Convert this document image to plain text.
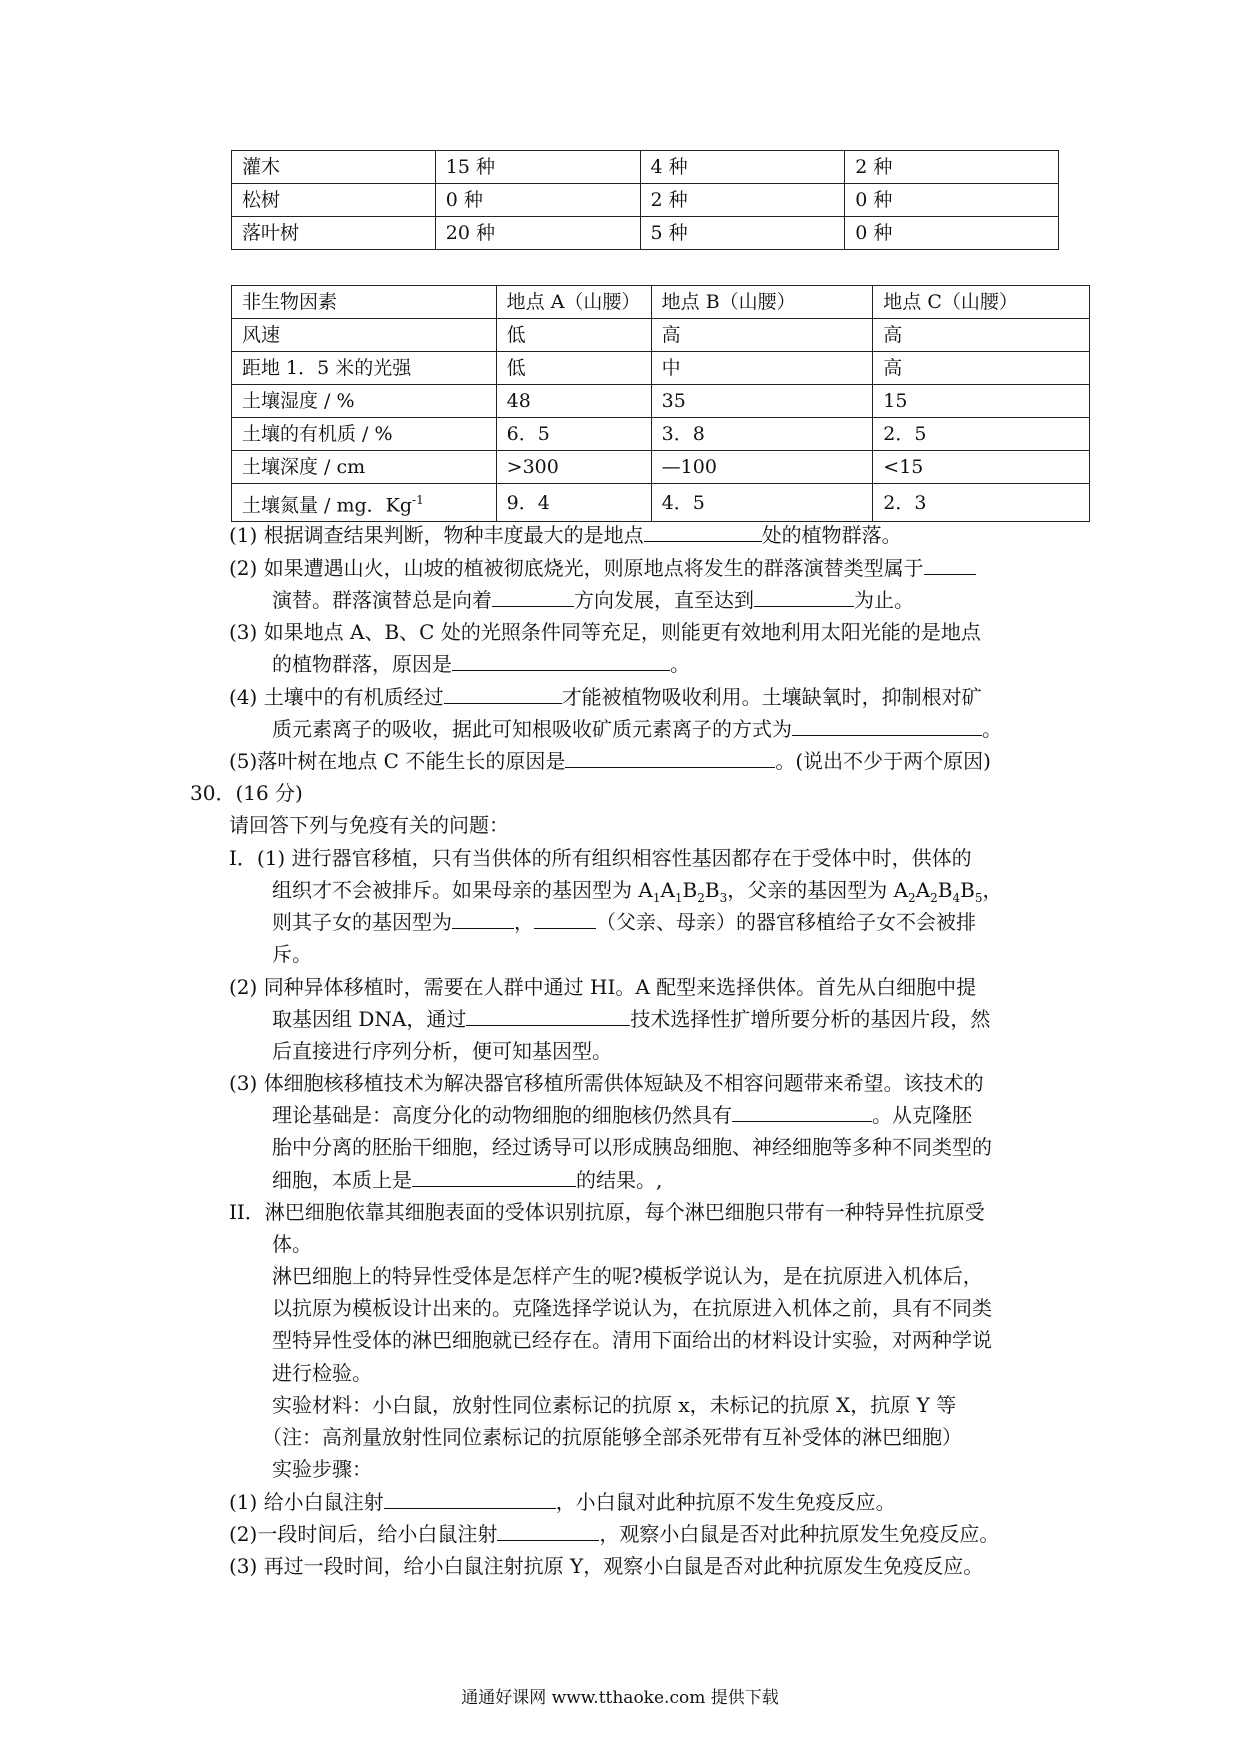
灌木	15 种	4 种	2 种
松树	0 种	2 种	0 种
落叶树	20 种	5 种	0 种
非生物因素	地点 A（山腰）	地点 B（山腰）	地点 C（山腰）
风速	低	高	高
距地 1．5 米的光强	低	中	高
土壤湿度 / %	48	35	15
土壤的有机质 / %	6．5	3．8	2．5
土壤深度 / cm	>300	—100	<15
土壤氮量 / mg．$Kg^{-1}$	9．4	4．5	2．3
(1) 根据调查结果判断，物种丰度最大的是地点	处的植物群落。
(2) 如果遭遇山火，山坡的植被彻底烧光，则原地点将发生的群落演替类型属于
演替。群落演替总是向着	方向发展，直至达到	为止。
(3) 如果地点 A、B、C 处的光照条件同等充足，则能更有效地利用太阳光能的是地点
的植物群落，原因是	。
(4) 土壤中的有机质经过	才能被植物吸收利用。土壤缺氧时，抑制根对矿
质元素离子的吸收，据此可知根吸收矿质元素离子的方式为	。
(5)落叶树在地点 C 不能生长的原因是	。(说出不少于两个原因)
30．(16 分)
请回答下列与免疫有关的问题：
I．(1) 进行器官移植，只有当供体的所有组织相容性基因都存在于受体中时，供体的
组织才不会被排斥。如果母亲的基因型为 $A_1A_1B_2B_3$，父亲的基因型为 $A_2A_2B_4B_5$，
则其子女的基因型为	，	（父亲、母亲）的器官移植给子女不会被排
斥。
(2) 同种异体移植时，需要在人群中通过 HI。A 配型来选择供体。首先从白细胞中提
取基因组 DNA，通过	技术选择性扩增所要分析的基因片段，然
后直接进行序列分析，便可知基因型。
(3) 体细胞核移植技术为解决器官移植所需供体短缺及不相容问题带来希望。该技术的
理论基础是：高度分化的动物细胞的细胞核仍然具有	。从克隆胚
胎中分离的胚胎干细胞，经过诱导可以形成胰岛细胞、神经细胞等多种不同类型的
细胞，本质上是	的结果。,
II．淋巴细胞依靠其细胞表面的受体识别抗原，每个淋巴细胞只带有一种特异性抗原受
体。
淋巴细胞上的特异性受体是怎样产生的呢?模板学说认为，是在抗原进入机体后，
以抗原为模板设计出来的。克隆选择学说认为，在抗原进入机体之前，具有不同类
型特异性受体的淋巴细胞就已经存在。清用下面给出的材料设计实验，对两种学说
进行检验。
实验材料：小白鼠，放射性同位素标记的抗原 x，未标记的抗原 X，抗原 Y 等
（注：高剂量放射性同位素标记的抗原能够全部杀死带有互补受体的淋巴细胞）
实验步骤：
(1) 给小白鼠注射	，小白鼠对此种抗原不发生免疫反应。
(2)一段时间后，给小白鼠注射	，观察小白鼠是否对此种抗原发生免疫反应。
(3) 再过一段时间，给小白鼠注射抗原 Y，观察小白鼠是否对此种抗原发生免疫反应。
通通好课网 www.tthaoke.com 提供下载
